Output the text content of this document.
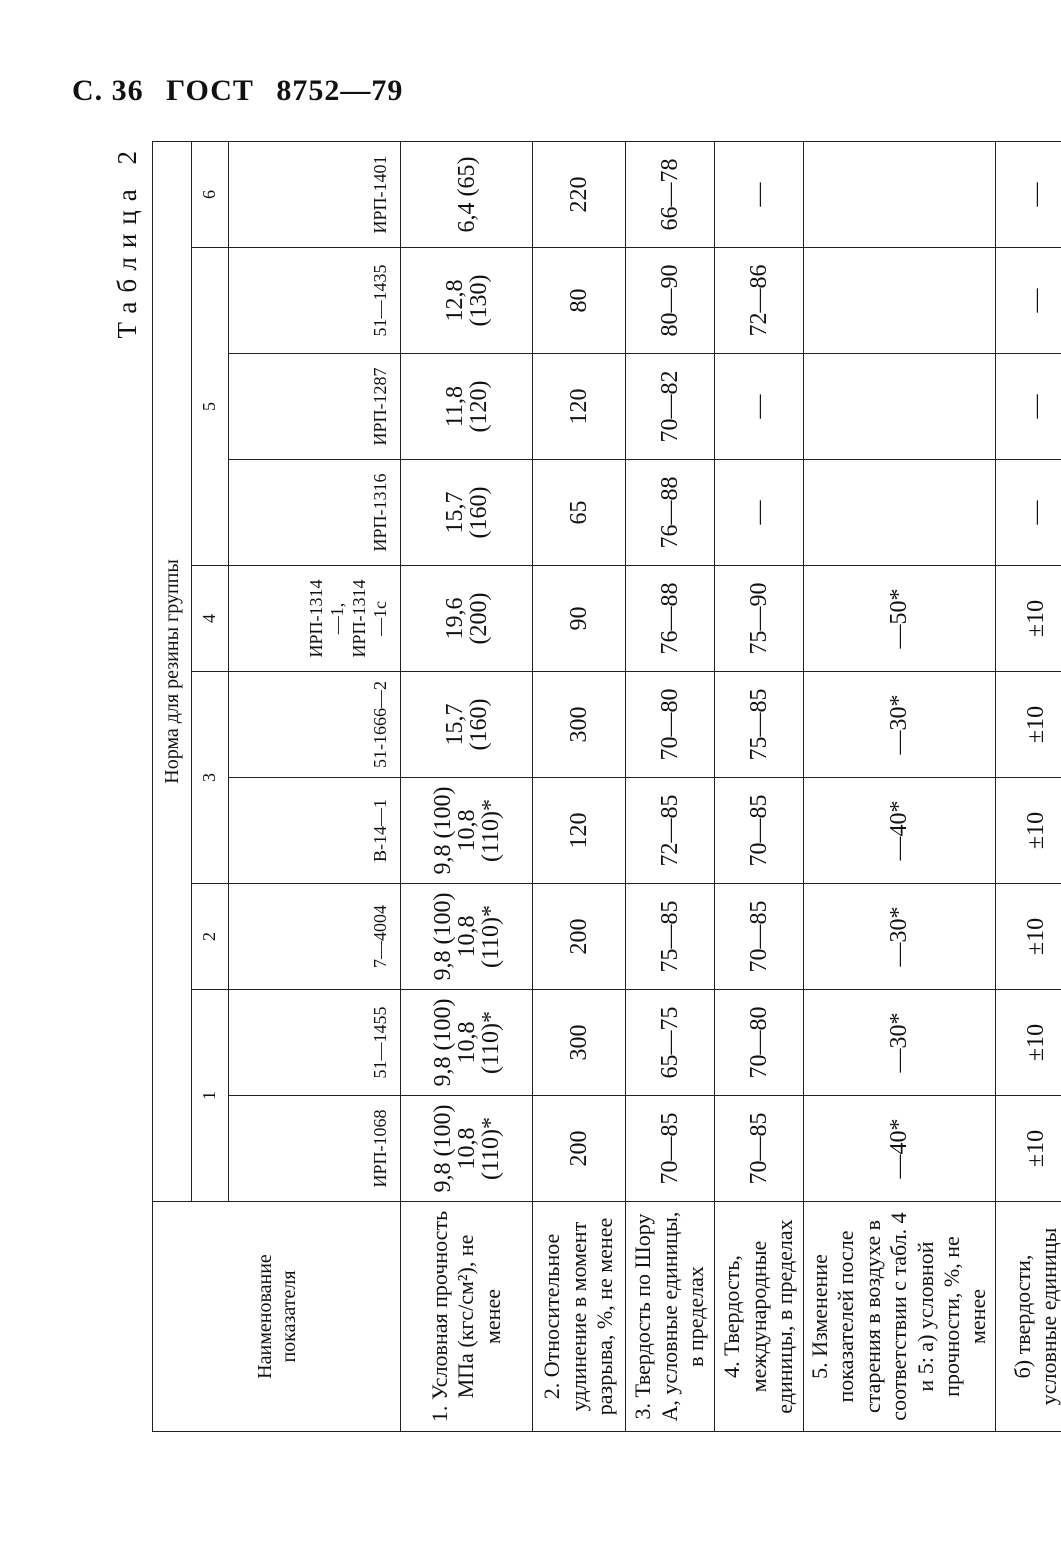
С. 36 ГОСТ 8752—79
Таблица 2
Наименование показателя	Норма для резины группы									
	1		2	3		4	5			6
	ИРП-1068	51—1455	7—4004	В-14—1	51-1666—2	ИРП-1314—1, ИРП-1314—1с	ИРП-1316	ИРП-1287	51—1435	ИРП-1401
1. Условная прочность МПа (кгс/см²), не менее	9,8 (100) 10,8 (110)*	9,8 (100) 10,8 (110)*	9,8 (100) 10,8 (110)*	9,8 (100) 10,8 (110)*	15,7 (160)	19,6 (200)	15,7 (160)	11,8 (120)	12,8 (130)	6,4 (65)
2. Относительное удлинение в момент разрыва, %, не менее	200	300	200	120	300	90	65	120	80	220
3. Твердость по Шору А, условные единицы, в пределах	70—85	65—75	75—85	72—85	70—80	76—88	76—88	70—82	80—90	66—78
4. Твердость, международные единицы, в пределах	70—85	70—80	70—85	70—85	75—85	75—90	—	—	72—86	—
5. Изменение показателей после старения в воздухе в соответствии с табл. 4 и 5: а) условной прочности, %, не менее	—40*	—30*	—30*	—40*	—30*	—50*				
б) твердости, условные единицы	±10	±10	±10	±10	±10	±10	—	—	—	—
